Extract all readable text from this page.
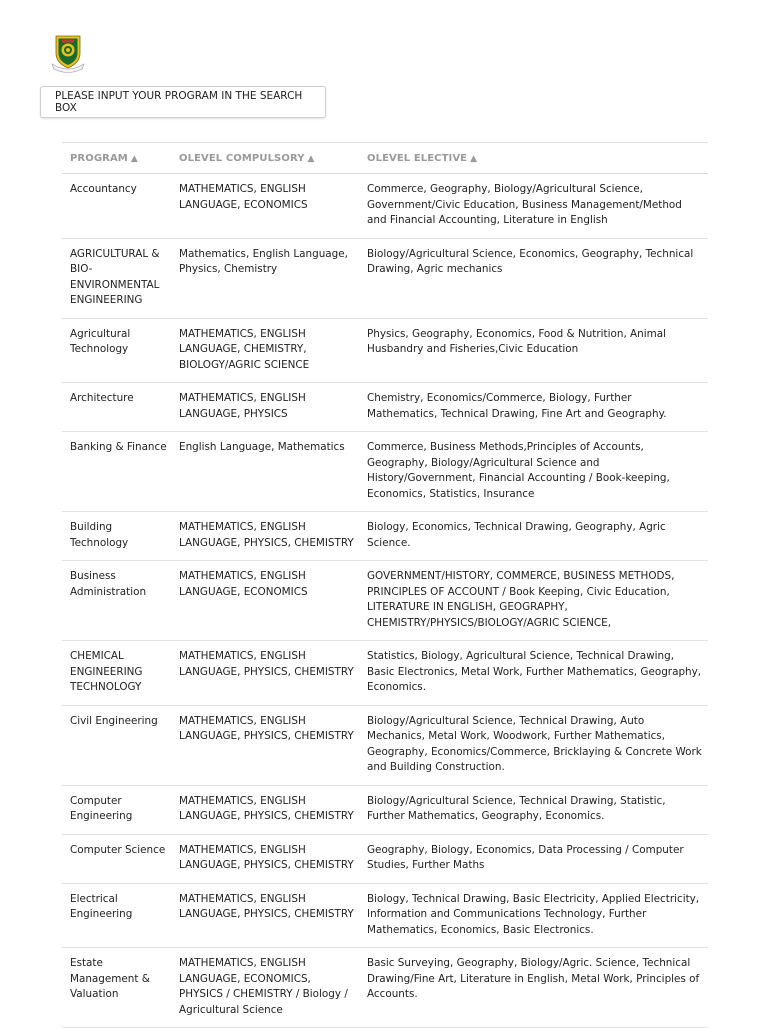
PLEASE INPUT YOUR PROGRAM IN THE SEARCH BOX
PROGRAM ▲	OLEVEL COMPULSORY ▲	OLEVEL ELECTIVE ▲
Accountancy	MATHEMATICS, ENGLISH LANGUAGE, ECONOMICS	Commerce, Geography, Biology/Agricultural Science, Government/Civic Education, Business Management/Method and Financial Accounting, Literature in English
AGRICULTURAL & BIO-ENVIRONMENTAL ENGINEERING	Mathematics, English Language, Physics, Chemistry	Biology/Agricultural Science, Economics, Geography, Technical Drawing, Agric mechanics
Agricultural Technology	MATHEMATICS, ENGLISH LANGUAGE, CHEMISTRY, BIOLOGY/AGRIC SCIENCE	Physics, Geography, Economics, Food & Nutrition, Animal Husbandry and Fisheries,Civic Education
Architecture	MATHEMATICS, ENGLISH LANGUAGE, PHYSICS	Chemistry, Economics/Commerce, Biology, Further Mathematics, Technical Drawing, Fine Art and Geography.
Banking & Finance	English Language, Mathematics	Commerce, Business Methods,Principles of Accounts, Geography, Biology/Agricultural Science and History/Government, Financial Accounting / Book-keeping, Economics, Statistics, Insurance
Building Technology	MATHEMATICS, ENGLISH LANGUAGE, PHYSICS, CHEMISTRY	Biology, Economics, Technical Drawing, Geography, Agric Science.
Business Administration	MATHEMATICS, ENGLISH LANGUAGE, ECONOMICS	GOVERNMENT/HISTORY, COMMERCE, BUSINESS METHODS, PRINCIPLES OF ACCOUNT / Book Keeping, Civic Education, LITERATURE IN ENGLISH, GEOGRAPHY, CHEMISTRY/PHYSICS/BIOLOGY/AGRIC SCIENCE,
CHEMICAL ENGINEERING TECHNOLOGY	MATHEMATICS, ENGLISH LANGUAGE, PHYSICS, CHEMISTRY	Statistics, Biology, Agricultural Science, Technical Drawing, Basic Electronics, Metal Work, Further Mathematics, Geography, Economics.
Civil Engineering	MATHEMATICS, ENGLISH LANGUAGE, PHYSICS, CHEMISTRY	Biology/Agricultural Science, Technical Drawing, Auto Mechanics, Metal Work, Woodwork, Further Mathematics, Geography, Economics/Commerce, Bricklaying & Concrete Work and Building Construction.
Computer Engineering	MATHEMATICS, ENGLISH LANGUAGE, PHYSICS, CHEMISTRY	Biology/Agricultural Science, Technical Drawing, Statistic, Further Mathematics, Geography, Economics.
Computer Science	MATHEMATICS, ENGLISH LANGUAGE, PHYSICS, CHEMISTRY	Geography, Biology, Economics, Data Processing / Computer Studies, Further Maths
Electrical Engineering	MATHEMATICS, ENGLISH LANGUAGE, PHYSICS, CHEMISTRY	Biology, Technical Drawing, Basic Electricity, Applied Electricity, Information and Communications Technology, Further Mathematics, Economics, Basic Electronics.
Estate Management & Valuation	MATHEMATICS, ENGLISH LANGUAGE, ECONOMICS, PHYSICS / CHEMISTRY / Biology / Agricultural Science	Basic Surveying, Geography, Biology/Agric. Science, Technical Drawing/Fine Art, Literature in English, Metal Work, Principles of Accounts.
